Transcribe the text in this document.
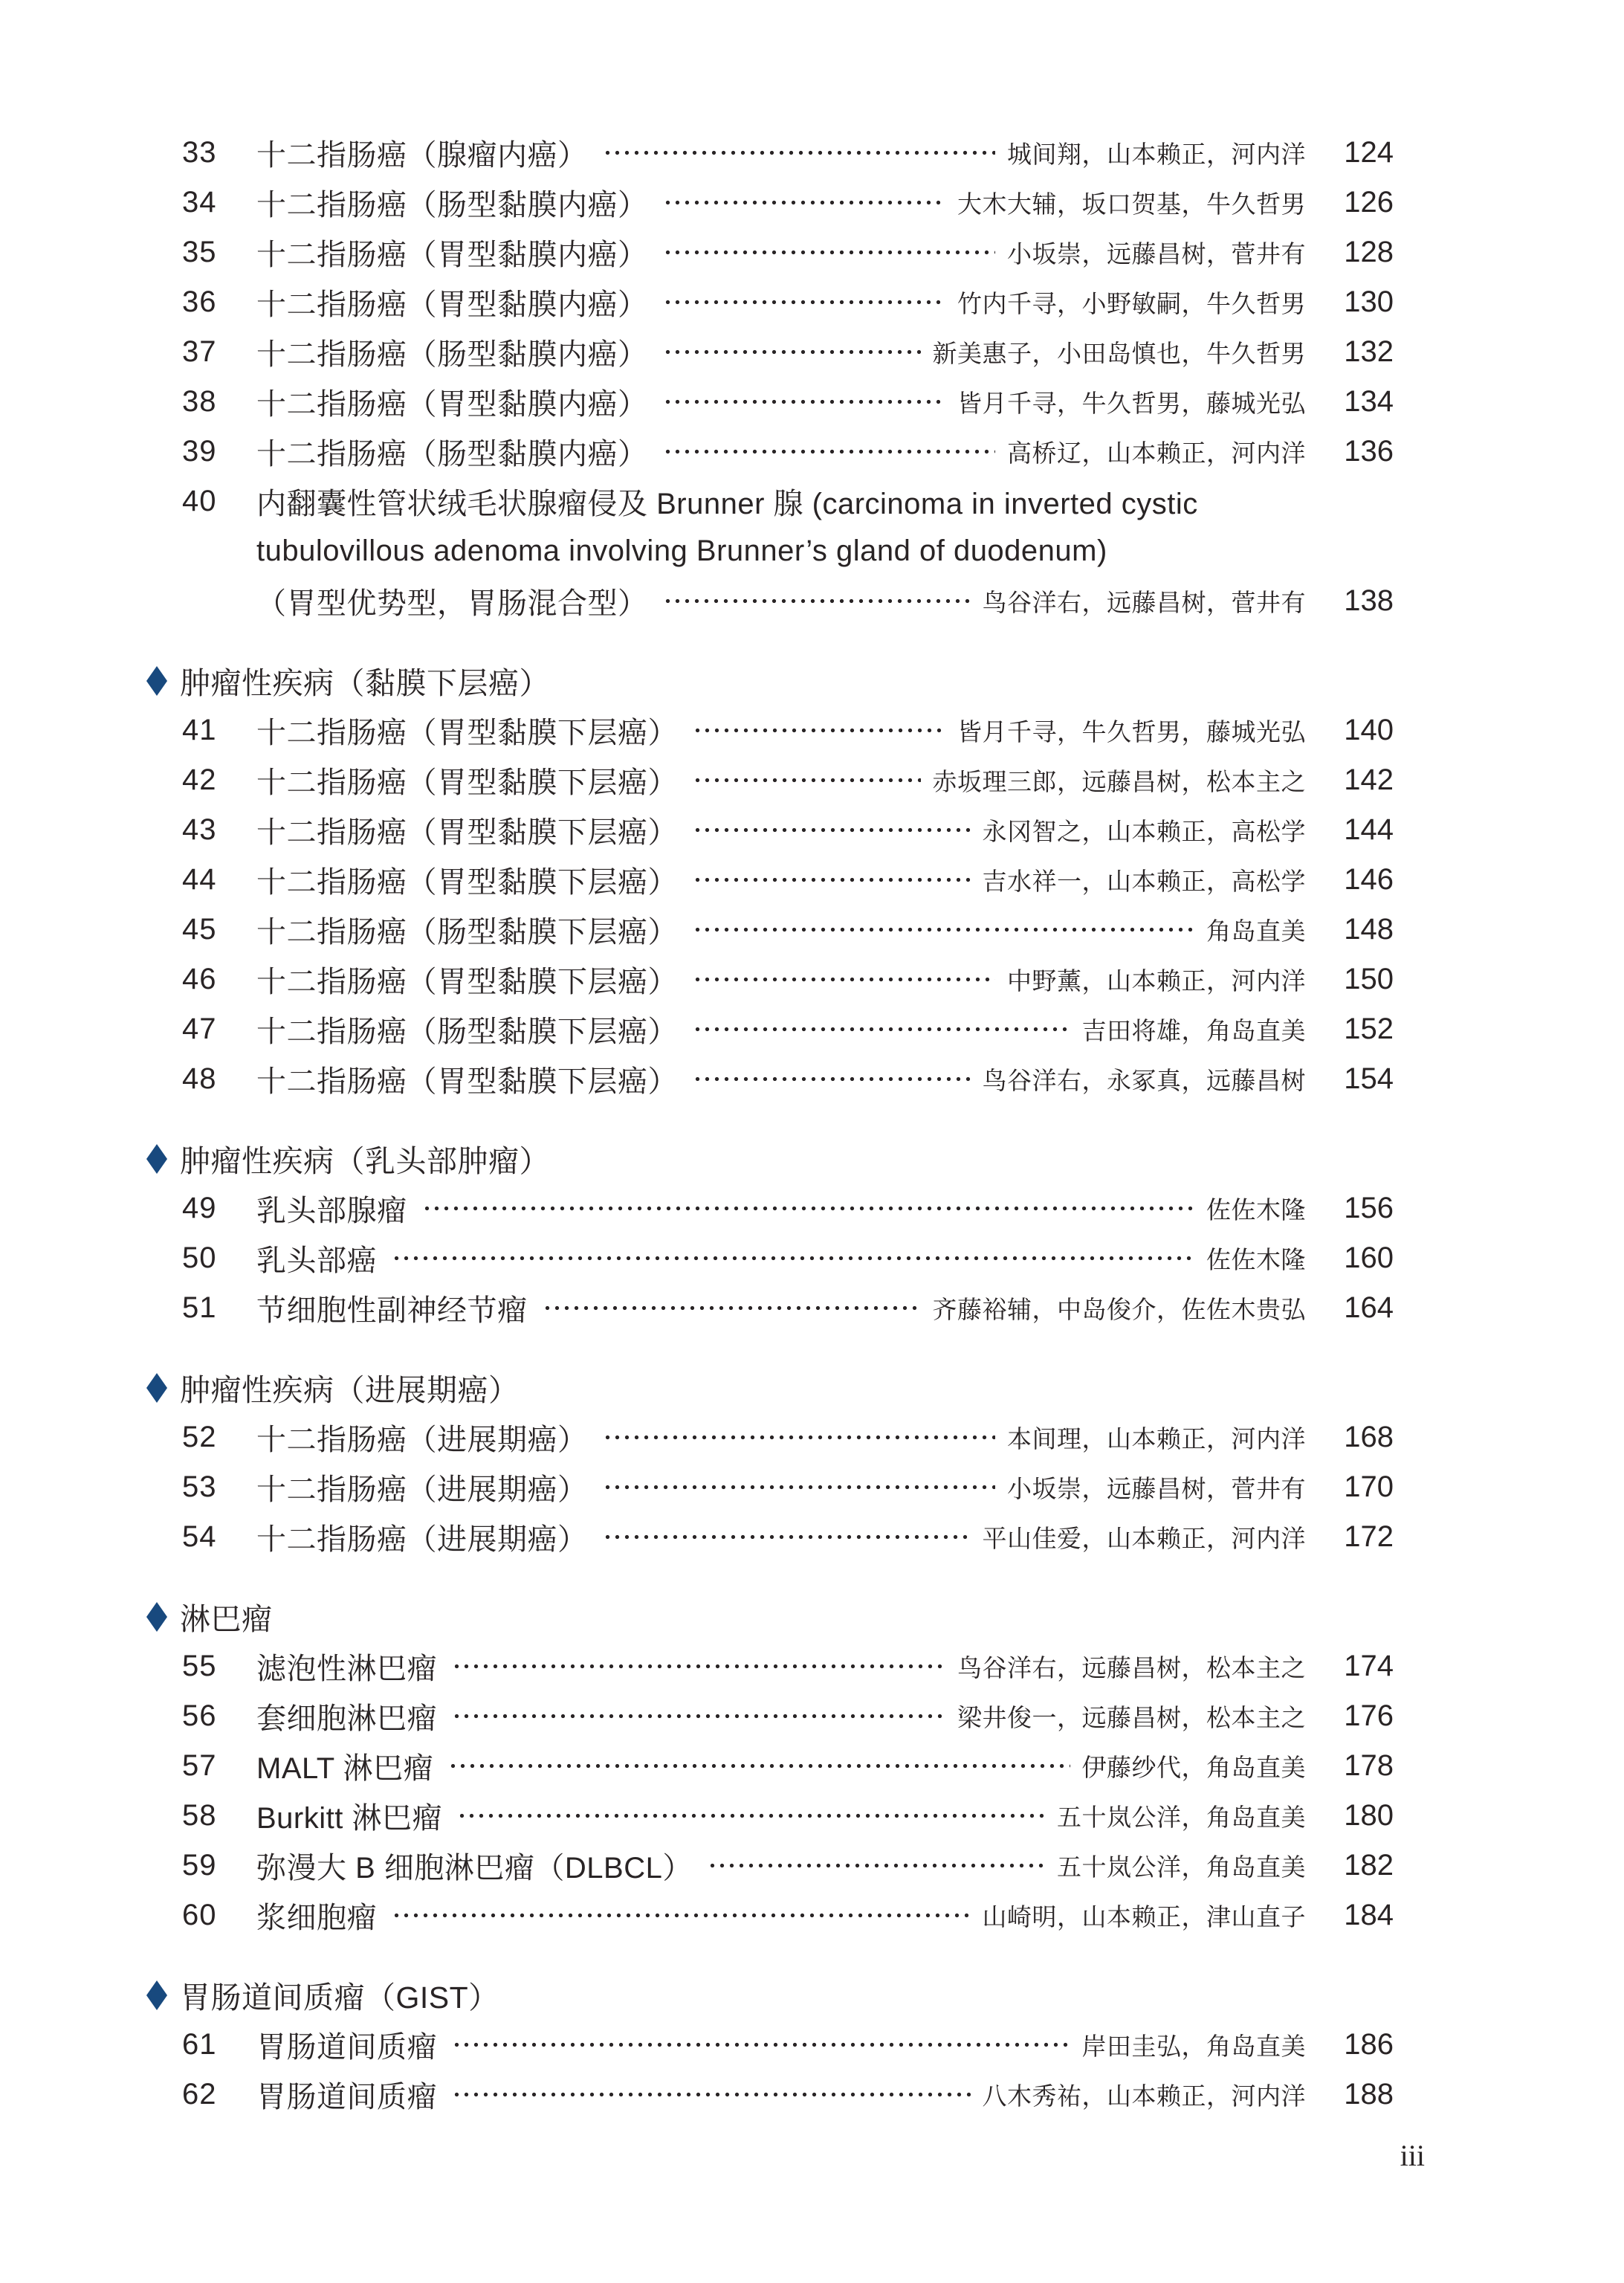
33	十二指肠癌（腺瘤内癌）	城间翔，山本赖正，河内洋	124
34	十二指肠癌（肠型黏膜内癌）	大木大辅，坂口贺基，牛久哲男	126
35	十二指肠癌（胃型黏膜内癌）	小坂崇，远藤昌树，菅井有	128
36	十二指肠癌（胃型黏膜内癌）	竹内千寻，小野敏嗣，牛久哲男	130
37	十二指肠癌（肠型黏膜内癌）	新美惠子，小田岛慎也，牛久哲男	132
38	十二指肠癌（胃型黏膜内癌）	皆月千寻，牛久哲男，藤城光弘	134
39	十二指肠癌（肠型黏膜内癌）	高桥辽，山本赖正，河内洋	136
40	内翻囊性管状绒毛状腺瘤侵及 Brunner 腺 (carcinoma in inverted cystic
tubulovillous adenoma involving Brunner’s gland of duodenum)
（胃型优势型，胃肠混合型）	鸟谷洋右，远藤昌树，菅井有	138
肿瘤性疾病（黏膜下层癌）
41	十二指肠癌（胃型黏膜下层癌）	皆月千寻，牛久哲男，藤城光弘	140
42	十二指肠癌（胃型黏膜下层癌）	赤坂理三郎，远藤昌树，松本主之	142
43	十二指肠癌（胃型黏膜下层癌）	永冈智之，山本赖正，高松学	144
44	十二指肠癌（胃型黏膜下层癌）	吉水祥一，山本赖正，高松学	146
45	十二指肠癌（肠型黏膜下层癌）	角岛直美	148
46	十二指肠癌（胃型黏膜下层癌）	中野薰，山本赖正，河内洋	150
47	十二指肠癌（肠型黏膜下层癌）	吉田将雄，角岛直美	152
48	十二指肠癌（胃型黏膜下层癌）	鸟谷洋右，永冢真，远藤昌树	154
肿瘤性疾病（乳头部肿瘤）
49	乳头部腺瘤	佐佐木隆	156
50	乳头部癌	佐佐木隆	160
51	节细胞性副神经节瘤	齐藤裕辅，中岛俊介，佐佐木贵弘	164
肿瘤性疾病（进展期癌）
52	十二指肠癌（进展期癌）	本间理，山本赖正，河内洋	168
53	十二指肠癌（进展期癌）	小坂崇，远藤昌树，菅井有	170
54	十二指肠癌（进展期癌）	平山佳爱，山本赖正，河内洋	172
淋巴瘤
55	滤泡性淋巴瘤	鸟谷洋右，远藤昌树，松本主之	174
56	套细胞淋巴瘤	梁井俊一，远藤昌树，松本主之	176
57	MALT 淋巴瘤	伊藤纱代，角岛直美	178
58	Burkitt 淋巴瘤	五十岚公洋，角岛直美	180
59	弥漫大 B 细胞淋巴瘤（DLBCL）	五十岚公洋，角岛直美	182
60	浆细胞瘤	山崎明，山本赖正，津山直子	184
胃肠道间质瘤（GIST）
61	胃肠道间质瘤	岸田圭弘，角岛直美	186
62	胃肠道间质瘤	八木秀祐，山本赖正，河内洋	188
iii
